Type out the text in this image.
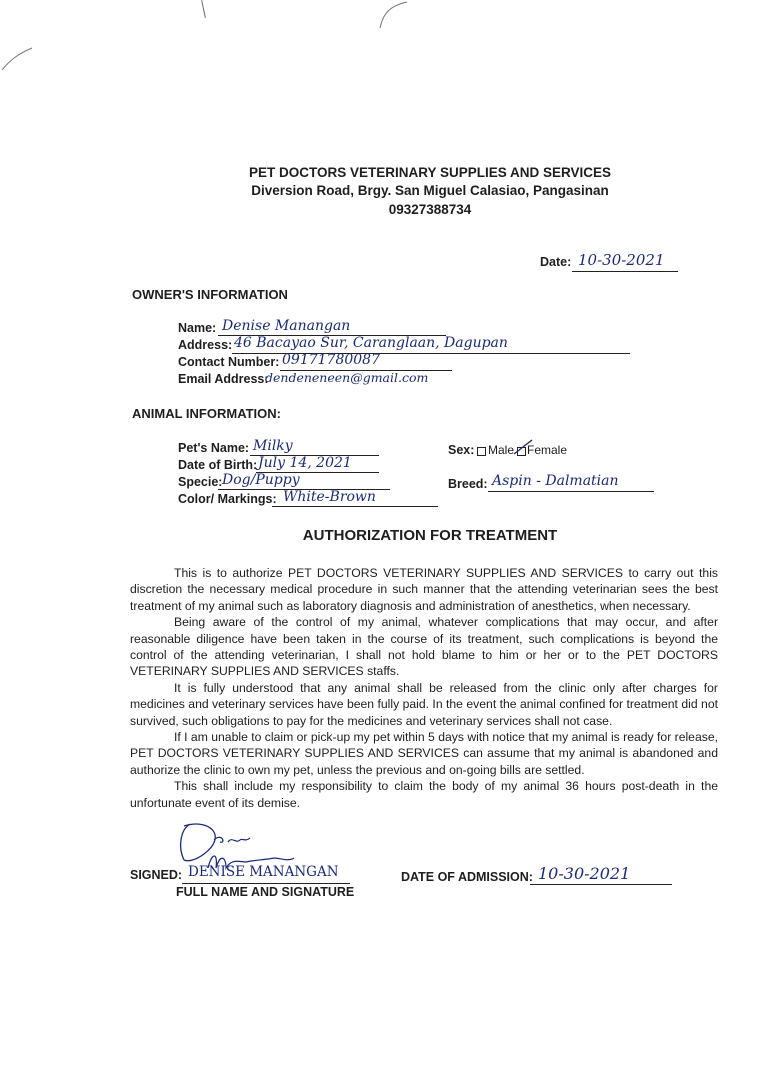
PET DOCTORS VETERINARY SUPPLIES AND SERVICES
Diversion Road, Brgy. San Miguel Calasiao, Pangasinan
09327388734
Date: 10-30-2021
OWNER'S INFORMATION
Name: Denise Manangan
Address: 46 Bacayao Sur, Caranglaan, Dagupan
Contact Number: 09171780087
Email Address:
dendeneneen@gmail.com
ANIMAL INFORMATION:
Pet's Name: Milky
Date of Birth: July 14, 2021
Specie: Dog/Puppy
Color/ Markings: White-Brown
Sex: Male Female
Breed: Aspin - Dalmatian
AUTHORIZATION FOR TREATMENT

This is to authorize PET DOCTORS VETERINARY SUPPLIES AND SERVICES to carry out this discretion the necessary medical procedure in such manner that the attending veterinarian sees the best treatment of my animal such as laboratory diagnosis and administration of anesthetics, when necessary.

Being aware of the control of my animal, whatever complications that may occur, and after reasonable diligence have been taken in the course of its treatment, such complications is beyond the control of the attending veterinarian, I shall not hold blame to him or her or to the PET DOCTORS VETERINARY SUPPLIES AND SERVICES staffs.

It is fully understood that any animal shall be released from the clinic only after charges for medicines and veterinary services have been fully paid. In the event the animal confined for treatment did not survived, such obligations to pay for the medicines and veterinary services shall not case.

If I am unable to claim or pick-up my pet within 5 days with notice that my animal is ready for release, PET DOCTORS VETERINARY SUPPLIES AND SERVICES can assume that my animal is abandoned and authorize the clinic to own my pet, unless the previous and on-going bills are settled.

This shall include my responsibility to claim the body of my animal 36 hours post-death in the unfortunate event of its demise.

SIGNED: DENISE MANANGAN
FULL NAME AND SIGNATURE
DATE OF ADMISSION: 10-30-2021
